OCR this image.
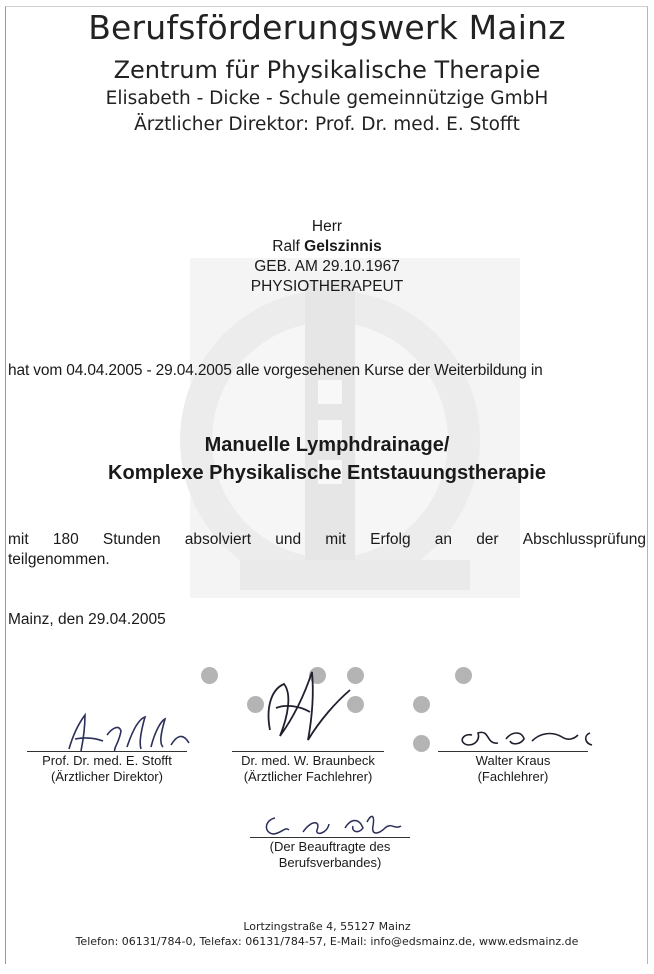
Berufsförderungswerk Mainz
Zentrum für Physikalische Therapie
Elisabeth - Dicke - Schule gemeinnützige GmbH
Ärztlicher Direktor: Prof. Dr. med. E. Stofft
Herr
Ralf Gelszinnis
GEB. AM 29.10.1967
PHYSIOTHERAPEUT
hat vom 04.04.2005 - 29.04.2005 alle vorgesehenen Kurse der Weiterbildung in
Manuelle Lymphdrainage/
Komplexe Physikalische Entstauungstherapie
mit 180 Stunden absolviert und mit Erfolg an der Abschlussprüfung
teilgenommen.
Mainz, den 29.04.2005
Prof. Dr. med. E. Stofft
(Ärztlicher Direktor)
Dr. med. W. Braunbeck
(Ärztlicher Fachlehrer)
Walter Kraus
(Fachlehrer)
(Der Beauftragte des
Berufsverbandes)
Lortzingstraße 4, 55127 Mainz
Telefon: 06131/784-0, Telefax: 06131/784-57, E-Mail: info@edsmainz.de, www.edsmainz.de
